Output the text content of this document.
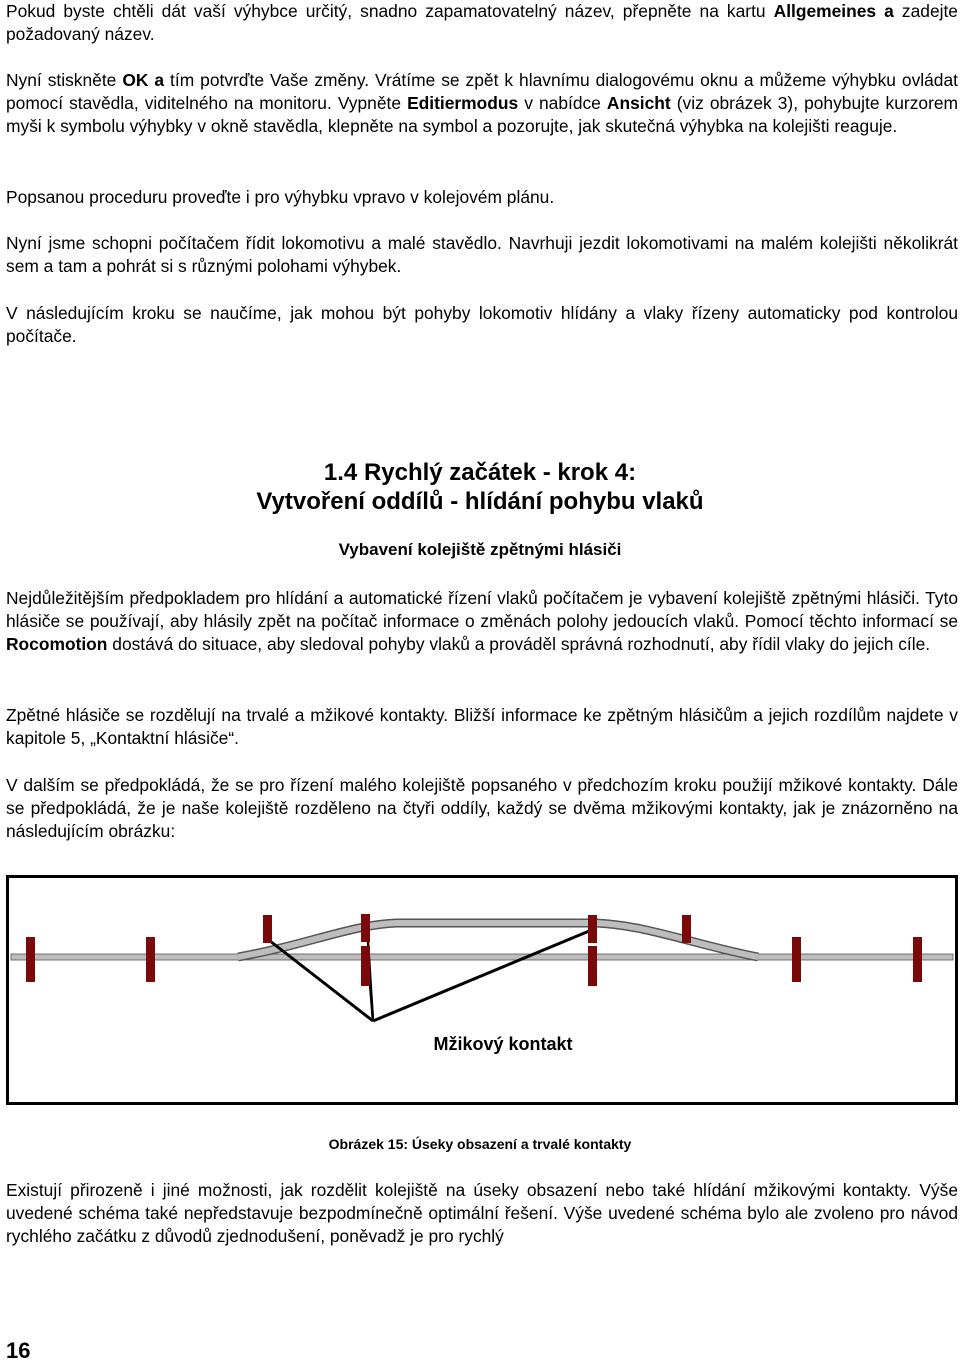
Pokud byste chtěli dát vaší výhybce určitý, snadno zapamatovatelný název, přepněte na kartu Allgemeines a zadejte požadovaný název.

Nyní stiskněte OK a tím potvrďte Vaše změny. Vrátíme se zpět k hlavnímu dialogovému oknu a můžeme výhybku ovládat pomocí stavědla, viditelného na monitoru. Vypněte Editiermodus v nabídce Ansicht (viz obrázek 3), pohybujte kurzorem myši k symbolu výhybky v okně stavědla, klepněte na symbol a pozorujte, jak skutečná výhybka na kolejišti reaguje.

Popsanou proceduru proveďte i pro výhybku vpravo v kolejovém plánu.

Nyní jsme schopni počítačem řídit lokomotivu a malé stavědlo. Navrhuji jezdit lokomotivami na malém kolejišti několikrát sem a tam a pohrát si s různými polohami výhybek.

V následujícím kroku se naučíme, jak mohou být pohyby lokomotiv hlídány a vlaky řízeny automaticky pod kontrolou počítače.

1.4 Rychlý začátek - krok 4:
Vytvoření oddílů - hlídání pohybu vlaků
Vybavení kolejiště zpětnými hlásiči

Nejdůležitějším předpokladem pro hlídání a automatické řízení vlaků počítačem je vybavení kolejiště zpětnými hlásiči. Tyto hlásiče se používají, aby hlásily zpět na počítač informace o změnách polohy jedoucích vlaků. Pomocí těchto informací se Rocomotion dostává do situace, aby sledoval pohyby vlaků a prováděl správná rozhodnutí, aby řídil vlaky do jejich cíle.

Zpětné hlásiče se rozdělují na trvalé a mžikové kontakty. Bližší informace ke zpětným hlásičům a jejich rozdílům najdete v kapitole 5, „Kontaktní hlásiče“.

V dalším se předpokládá, že se pro řízení malého kolejiště popsaného v předchozím kroku použijí mžikové kontakty. Dále se předpokládá, že je naše kolejiště rozděleno na čtyři oddíly, každý se dvěma mžikovými kontakty, jak je znázorněno na následujícím obrázku:

Mžikový kontakt
Obrázek 15: Úseky obsazení a trvalé kontakty

Existují přirozeně i jiné možnosti, jak rozdělit kolejiště na úseky obsazení nebo také hlídání mžikovými kontakty. Výše uvedené schéma také nepředstavuje bezpodmínečně optimální řešení. Výše uvedené schéma bylo ale zvoleno pro návod rychlého začátku z důvodů zjednodušení, poněvadž je pro rychlý

16
